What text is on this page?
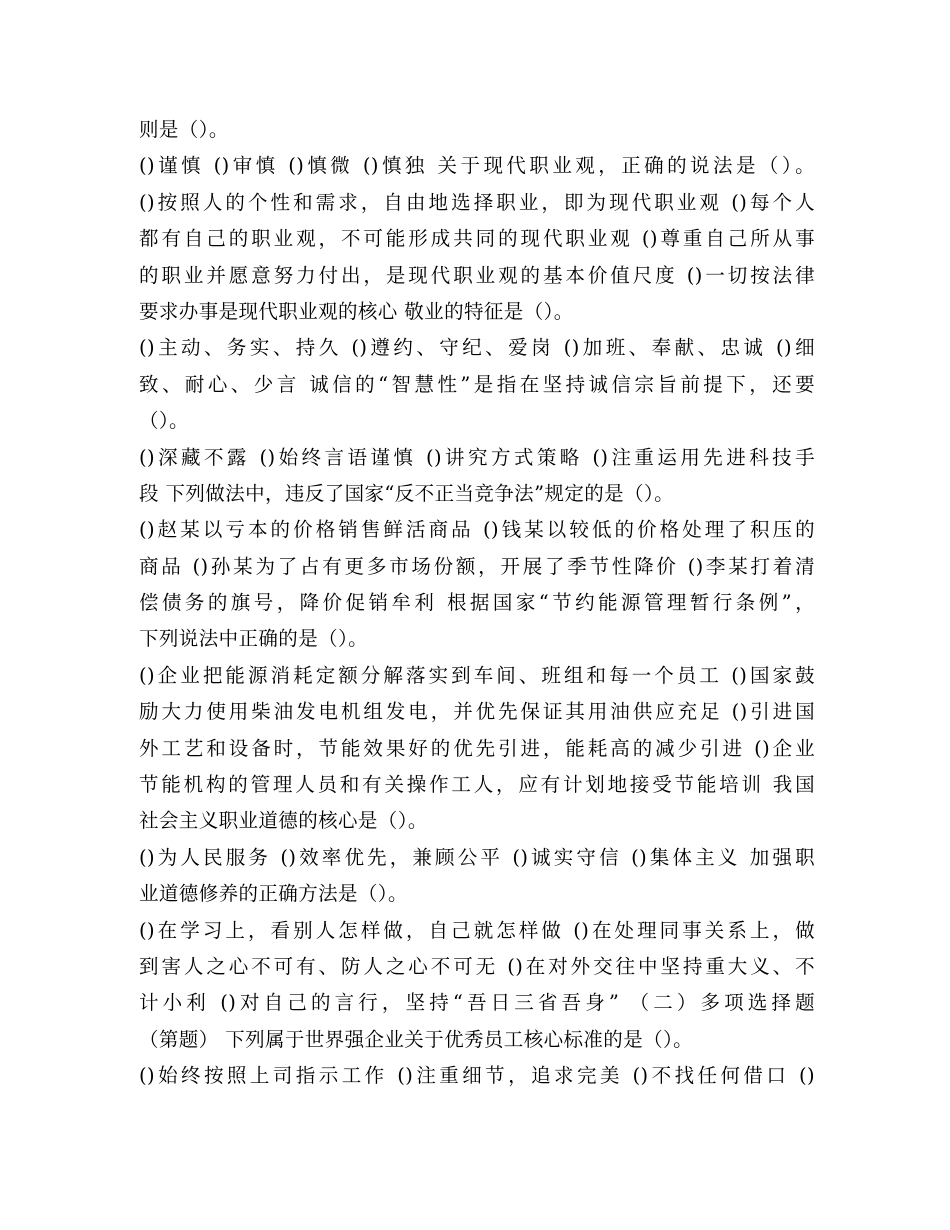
则是（）。
()谨慎 ()审慎 ()慎微 ()慎独 关于现代职业观，正确的说法是（）。
()按照人的个性和需求，自由地选择职业，即为现代职业观 ()每个人
都有自己的职业观，不可能形成共同的现代职业观 ()尊重自己所从事
的职业并愿意努力付出，是现代职业观的基本价值尺度 ()一切按法律
要求办事是现代职业观的核心 敬业的特征是（）。
()主动、务实、持久 ()遵约、守纪、爱岗 ()加班、奉献、忠诚 ()细
致、耐心、少言 诚信的“智慧性”是指在坚持诚信宗旨前提下，还要
（）。
()深藏不露 ()始终言语谨慎 ()讲究方式策略 ()注重运用先进科技手
段 下列做法中，违反了国家“反不正当竞争法”规定的是（）。
()赵某以亏本的价格销售鲜活商品 ()钱某以较低的价格处理了积压的
商品 ()孙某为了占有更多市场份额，开展了季节性降价 ()李某打着清
偿债务的旗号，降价促销牟利 根据国家“节约能源管理暂行条例”，
下列说法中正确的是（）。
()企业把能源消耗定额分解落实到车间、班组和每一个员工 ()国家鼓
励大力使用柴油发电机组发电，并优先保证其用油供应充足 ()引进国
外工艺和设备时，节能效果好的优先引进，能耗高的减少引进 ()企业
节能机构的管理人员和有关操作工人，应有计划地接受节能培训 我国
社会主义职业道德的核心是（）。
()为人民服务 ()效率优先，兼顾公平 ()诚实守信 ()集体主义 加强职
业道德修养的正确方法是（）。
()在学习上，看别人怎样做，自己就怎样做 ()在处理同事关系上，做
到害人之心不可有、防人之心不可无 ()在对外交往中坚持重大义、不
计小利 ()对自己的言行，坚持“吾日三省吾身” （二）多项选择题
（第题） 下列属于世界强企业关于优秀员工核心标准的是（）。
()始终按照上司指示工作 ()注重细节，追求完美 ()不找任何借口 ()
